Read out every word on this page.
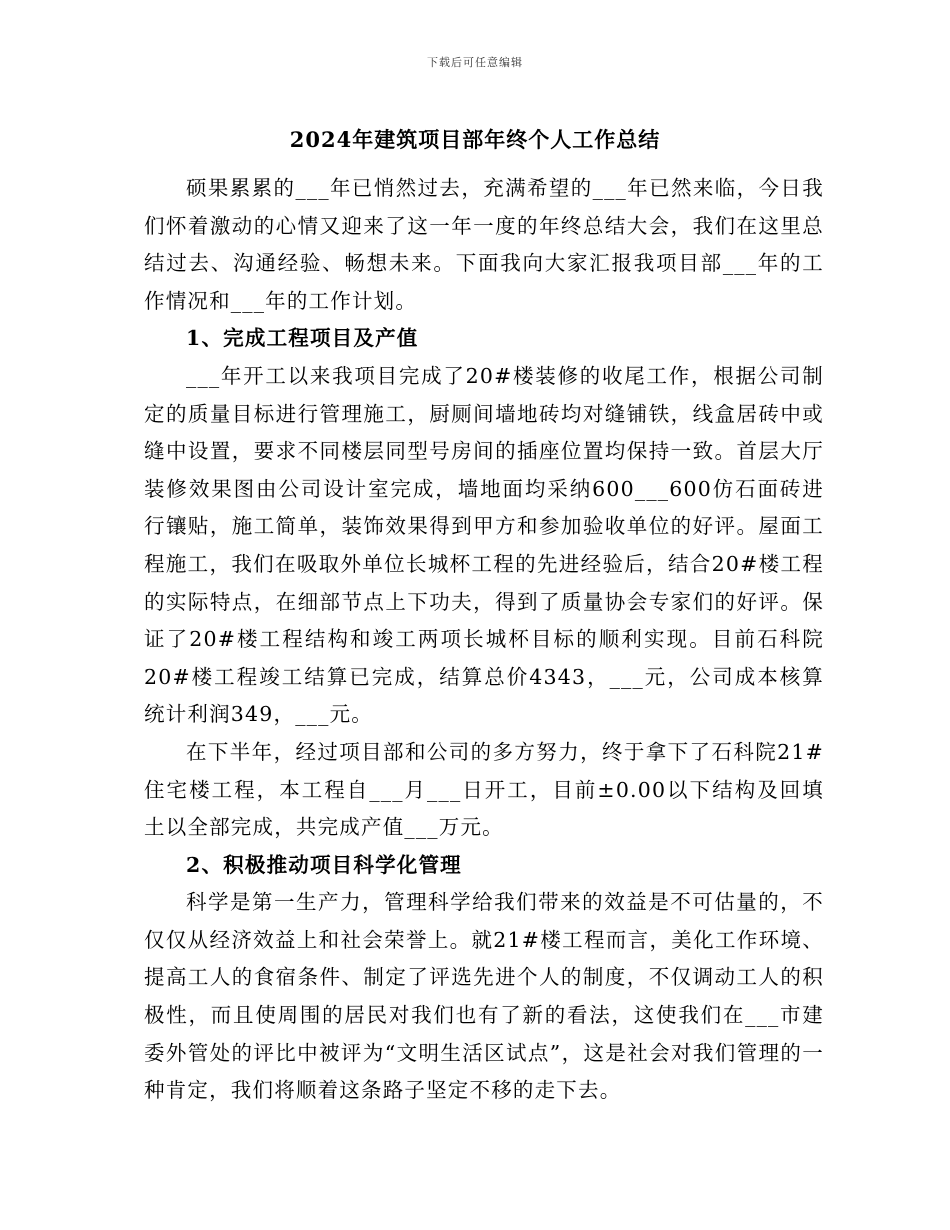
下载后可任意编辑
2024年建筑项目部年终个人工作总结

硕果累累的___年已悄然过去，充满希望的___年已然来临，今日我们怀着激动的心情又迎来了这一年一度的年终总结大会，我们在这里总结过去、沟通经验、畅想未来。下面我向大家汇报我项目部___年的工作情况和___年的工作计划。

1、完成工程项目及产值

___年开工以来我项目完成了20#楼装修的收尾工作，根据公司制定的质量目标进行管理施工，厨厕间墙地砖均对缝铺铁，线盒居砖中或缝中设置，要求不同楼层同型号房间的插座位置均保持一致。首层大厅装修效果图由公司设计室完成，墙地面均采纳600___600仿石面砖进行镶贴，施工简单，装饰效果得到甲方和参加验收单位的好评。屋面工程施工，我们在吸取外单位长城杯工程的先进经验后，结合20#楼工程的实际特点，在细部节点上下功夫，得到了质量协会专家们的好评。保证了20#楼工程结构和竣工两项长城杯目标的顺利实现。目前石科院20#楼工程竣工结算已完成，结算总价4343，___元，公司成本核算统计利润349，___元。

在下半年，经过项目部和公司的多方努力，终于拿下了石科院21#住宅楼工程，本工程自___月___日开工，目前±0.00以下结构及回填土以全部完成，共完成产值___万元。

2、积极推动项目科学化管理

科学是第一生产力，管理科学给我们带来的效益是不可估量的，不仅仅从经济效益上和社会荣誉上。就21#楼工程而言，美化工作环境、提高工人的食宿条件、制定了评选先进个人的制度，不仅调动工人的积极性，而且使周围的居民对我们也有了新的看法，这使我们在___市建委外管处的评比中被评为“文明生活区试点”，这是社会对我们管理的一种肯定，我们将顺着这条路子坚定不移的走下去。
